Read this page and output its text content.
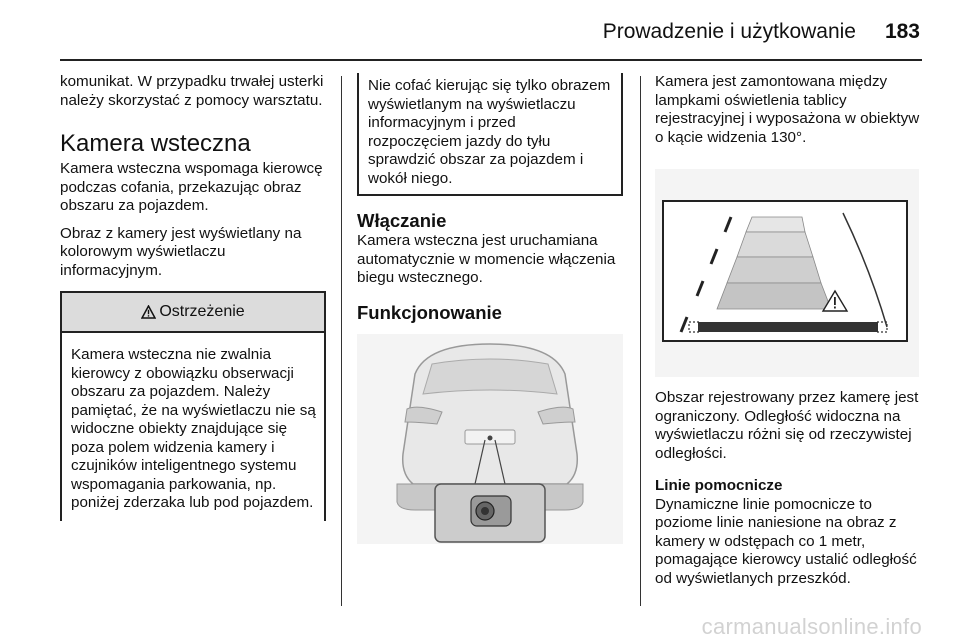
Prowadzenie i użytkowanie 183

komunikat. W przypadku trwałej usterki należy skorzystać z pomocy warsztatu.

Kamera wsteczna

Kamera wsteczna wspomaga kierowcę podczas cofania, przekazując obraz obszaru za pojazdem.

Obraz z kamery jest wyświetlany na kolorowym wyświetlaczu informacyjnym.

Ostrzeżenie

Kamera wsteczna nie zwalnia kierowcy z obowiązku obserwacji obszaru za pojazdem. Należy pamiętać, że na wyświetlaczu nie są widoczne obiekty znajdujące się poza polem widzenia kamery i czujników inteligentnego systemu wspomagania parkowania, np. poniżej zderzaka lub pod pojazdem.

Nie cofać kierując się tylko obrazem wyświetlanym na wyświetlaczu informacyjnym i przed rozpoczęciem jazdy do tyłu sprawdzić obszar za pojazdem i wokół niego.

Włączanie

Kamera wsteczna jest uruchamiana automatycznie w momencie włączenia biegu wstecznego.

Funkcjonowanie

Kamera jest zamontowana między lampkami oświetlenia tablicy rejestracyjnej i wyposażona w obiektyw o kącie widzenia 130°.

Obszar rejestrowany przez kamerę jest ograniczony. Odległość widoczna na wyświetlaczu różni się od rzeczywistej odległości.

Linie pomocnicze

Dynamiczne linie pomocnicze to poziome linie naniesione na obraz z kamery w odstępach co 1 metr, pomagające kierowcy ustalić odległość od wyświetlanych przeszkód.

carmanualsonline.info
